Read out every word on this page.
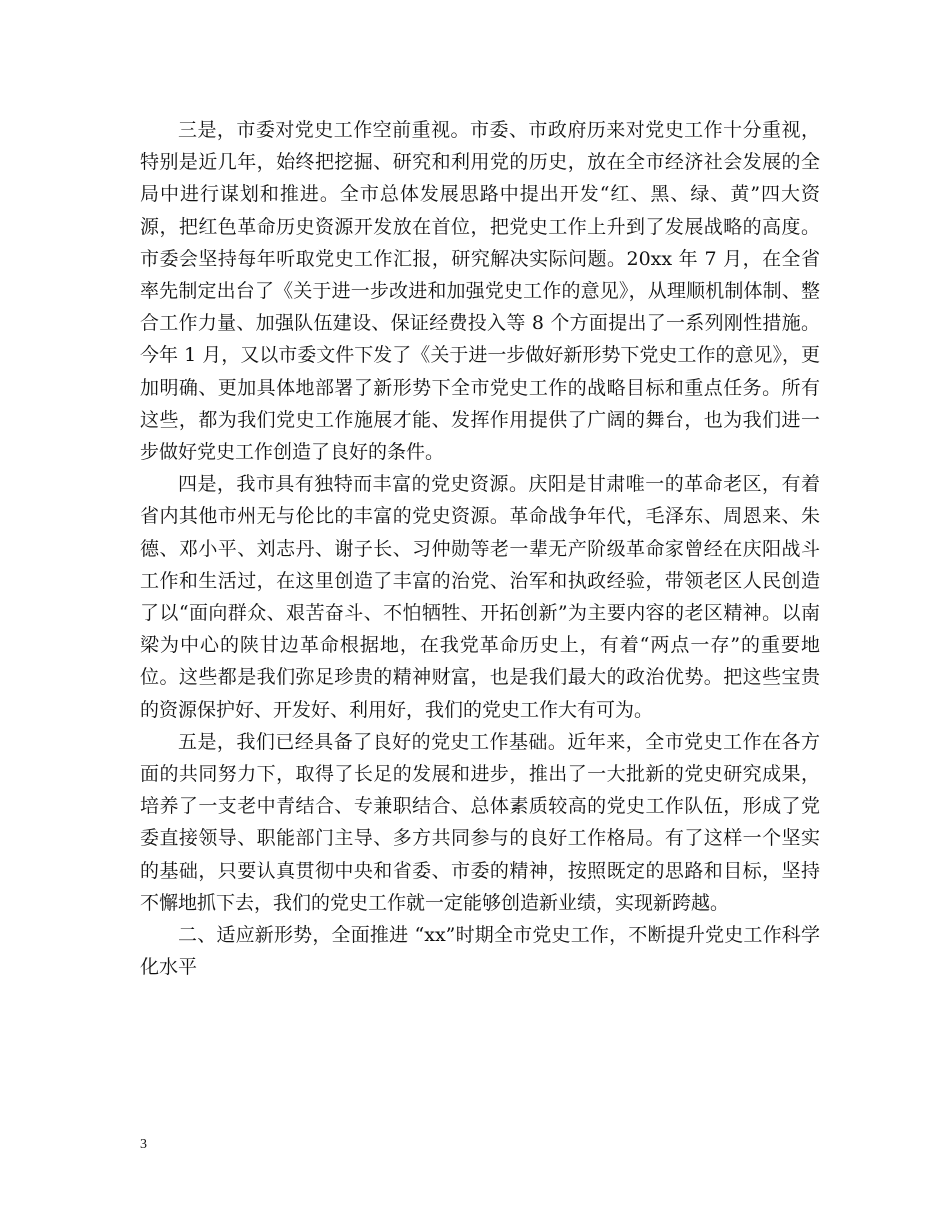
三是，市委对党史工作空前重视。市委、市政府历来对党史工作十分重视，特别是近几年，始终把挖掘、研究和利用党的历史，放在全市经济社会发展的全局中进行谋划和推进。全市总体发展思路中提出开发“红、黑、绿、黄”四大资源，把红色革命历史资源开发放在首位，把党史工作上升到了发展战略的高度。市委会坚持每年听取党史工作汇报，研究解决实际问题。20xx 年 7 月，在全省率先制定出台了《关于进一步改进和加强党史工作的意见》，从理顺机制体制、整合工作力量、加强队伍建设、保证经费投入等 8 个方面提出了一系列刚性措施。今年 1 月，又以市委文件下发了《关于进一步做好新形势下党史工作的意见》，更加明确、更加具体地部署了新形势下全市党史工作的战略目标和重点任务。所有这些，都为我们党史工作施展才能、发挥作用提供了广阔的舞台，也为我们进一步做好党史工作创造了良好的条件。

四是，我市具有独特而丰富的党史资源。庆阳是甘肃唯一的革命老区，有着省内其他市州无与伦比的丰富的党史资源。革命战争年代，毛泽东、周恩来、朱德、邓小平、刘志丹、谢子长、习仲勋等老一辈无产阶级革命家曾经在庆阳战斗工作和生活过，在这里创造了丰富的治党、治军和执政经验，带领老区人民创造了以“面向群众、艰苦奋斗、不怕牺牲、开拓创新”为主要内容的老区精神。以南梁为中心的陕甘边革命根据地，在我党革命历史上，有着“两点一存”的重要地位。这些都是我们弥足珍贵的精神财富，也是我们最大的政治优势。把这些宝贵的资源保护好、开发好、利用好，我们的党史工作大有可为。

五是，我们已经具备了良好的党史工作基础。近年来，全市党史工作在各方面的共同努力下，取得了长足的发展和进步，推出了一大批新的党史研究成果，培养了一支老中青结合、专兼职结合、总体素质较高的党史工作队伍，形成了党委直接领导、职能部门主导、多方共同参与的良好工作格局。有了这样一个坚实的基础，只要认真贯彻中央和省委、市委的精神，按照既定的思路和目标，坚持不懈地抓下去，我们的党史工作就一定能够创造新业绩，实现新跨越。

二、适应新形势，全面推进 “xx”时期全市党史工作，不断提升党史工作科学化水平

3
